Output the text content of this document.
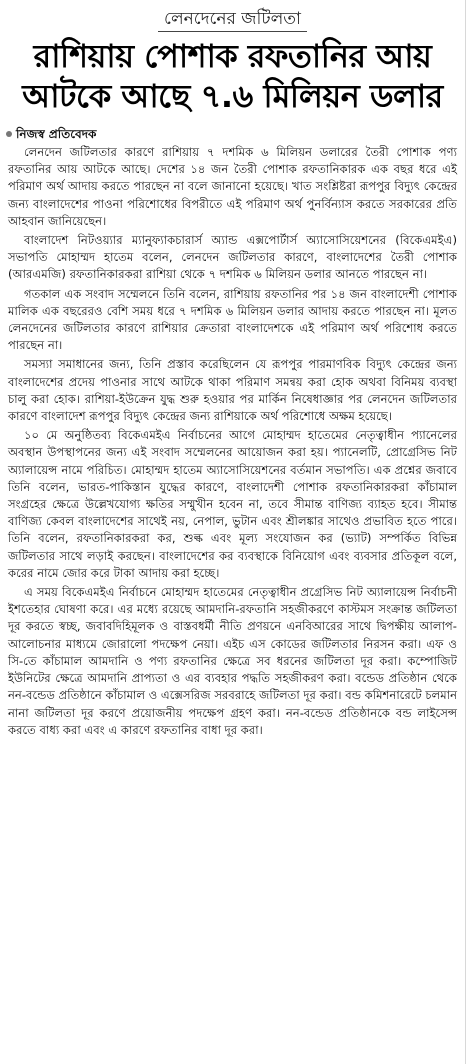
লেনদেনের জটিলতা
রাশিয়ায় পোশাক রফতানির আয় আটকে আছে ৭.৬ মিলিয়ন ডলার
নিজস্ব প্রতিবেদক

লেনদেন জটিলতার কারণে রাশিয়ায় ৭ দশমিক ৬ মিলিয়ন ডলারের তৈরী পোশাক পণ্য রফতানির আয় আটকে আছে। দেশের ১৪ জন তৈরী পোশাক রফতানিকারক এক বছর ধরে এই পরিমাণ অর্থ আদায় করতে পারছেন না বলে জানানো হয়েছে। খাত সংশ্লিষ্টরা রূপপুর বিদ্যুৎ কেন্দ্রের জন্য বাংলাদেশের পাওনা পরিশোধের বিপরীতে এই পরিমাণ অর্থ পুনর্বিন্যাস করতে সরকারের প্রতি আহবান জানিয়েছেন।

বাংলাদেশ নিটওয়্যার ম্যানুফ্যাকচারার্স অ্যান্ড এক্সপোর্টার্স অ্যাসোসিয়েশনের (বিকেএমইএ) সভাপতি মোহাম্মদ হাতেম বলেন, লেনদেন জটিলতার কারণে, বাংলাদেশের তৈরী পোশাক (আরএমজি) রফতানিকারকরা রাশিয়া থেকে ৭ দশমিক ৬ মিলিয়ন ডলার আনতে পারছেন না।

গতকাল এক সংবাদ সম্মেলনে তিনি বলেন, রাশিয়ায় রফতানির পর ১৪ জন বাংলাদেশী পোশাক মালিক এক বছরেরও বেশি সময় ধরে ৭ দশমিক ৬ মিলিয়ন ডলার আদায় করতে পারছেন না। মূলত লেনদেনের জটিলতার কারণে রাশিয়ার ক্রেতারা বাংলাদেশকে এই পরিমাণ অর্থ পরিশোধ করতে পারছেন না।

সমস্যা সমাধানের জন্য, তিনি প্রস্তাব করেছিলেন যে রূপপুর পারমাণবিক বিদ্যুৎ কেন্দ্রের জন্য বাংলাদেশের প্রদেয় পাওনার সাথে আটকে থাকা পরিমাণ সমন্বয় করা হোক অথবা বিনিময় ব্যবস্থা চালু করা হোক। রাশিয়া-ইউক্রেন যুদ্ধ শুরু হওয়ার পর মার্কিন নিষেধাজ্ঞার পর লেনদেন জটিলতার কারণে বাংলাদেশ রূপপুর বিদ্যুৎ কেন্দ্রের জন্য রাশিয়াকে অর্থ পরিশোধে অক্ষম হয়েছে।

১০ মে অনুষ্ঠিতব্য বিকেএমইএ নির্বাচনের আগে মোহাম্মদ হাতেমের নেতৃত্বাধীন প্যানেলের অবস্থান উপস্থাপনের জন্য এই সংবাদ সম্মেলনের আয়োজন করা হয়। প্যানেলটি, প্রোগ্রেসিভ নিট অ্যালায়েন্স নামে পরিচিত। মোহাম্মদ হাতেম অ্যাসোসিয়েশনের বর্তমান সভাপতি। এক প্রশ্নের জবাবে তিনি বলেন, ভারত-পাকিস্তান যুদ্ধের কারণে, বাংলাদেশী পোশাক রফতানিকারকরা কাঁচামাল সংগ্রহের ক্ষেত্রে উল্লেখযোগ্য ক্ষতির সম্মুখীন হবেন না, তবে সীমান্ত বাণিজ্য ব্যাহত হবে। সীমান্ত বাণিজ্য কেবল বাংলাদেশের সাথেই নয়, নেপাল, ভুটান এবং শ্রীলঙ্কার সাথেও প্রভাবিত হতে পারে। তিনি বলেন, রফতানিকারকরা কর, শুল্ক এবং মূল্য সংযোজন কর (ভ্যাট) সম্পর্কিত বিভিন্ন জটিলতার সাথে লড়াই করছেন। বাংলাদেশের কর ব্যবস্থাকে বিনিয়োগ এবং ব্যবসার প্রতিকূল বলে, করের নামে জোর করে টাকা আদায় করা হচ্ছে।

এ সময় বিকেএমইএ নির্বাচনে মোহাম্মদ হাতেমের নেতৃত্বাধীন প্রগ্রেসিভ নিট অ্যালায়েন্স নির্বাচনী ইশতেহার ঘোষণা করে। এর মধ্যে রয়েছে আমদানি-রফতানি সহজীকরণে কাস্টমস সংক্রান্ত জটিলতা দূর করতে স্বচ্ছ, জবাবদিহিমূলক ও বাস্তবধর্মী নীতি প্রণয়নে এনবিআরের সাথে দ্বিপক্ষীয় আলাপ-আলোচনার মাধ্যমে জোরালো পদক্ষেপ নেয়া। এইচ এস কোডের জটিলতার নিরসন করা। এফ ও সি-তে কাঁচামাল আমদানি ও পণ্য রফতানির ক্ষেত্রে সব ধরনের জটিলতা দূর করা। কম্পোজিট ইউনিটের ক্ষেত্রে আমদানি প্রাপ্যতা ও এর ব্যবহার পদ্ধতি সহজীকরণ করা। বন্ডেড প্রতিষ্ঠান থেকে নন-বন্ডেড প্রতিষ্ঠানে কাঁচামাল ও এক্সেসরিজ সরবরাহে জটিলতা দূর করা। বন্ড কমিশনারেটে চলমান নানা জটিলতা দূর করণে প্রয়োজনীয় পদক্ষেপ গ্রহণ করা। নন-বন্ডেড প্রতিষ্ঠানকে বন্ড লাইসেন্স করতে বাধ্য করা এবং এ কারণে রফতানির বাধা দূর করা।
